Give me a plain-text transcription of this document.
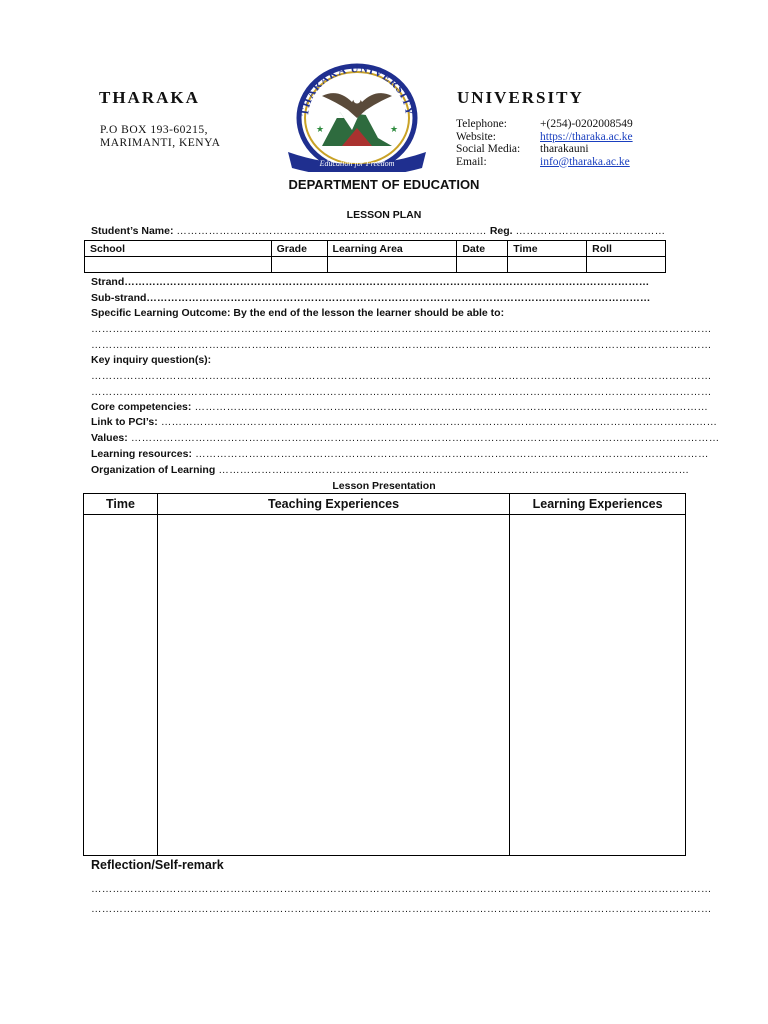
THARAKA	UNIVERSITY
P.O BOX 193-60215,
MARIMANTI, KENYA
Telephone:	+(254)-0202008549
Website:	https://tharaka.ac.ke
Social Media:	tharakauni
Email:	info@tharaka.ac.ke
THARAKA UNIVERSITY
★	★
Education for Freedom
DEPARTMENT OF EDUCATION
LESSON PLAN
Student’s Name: …………………………………………………………………………… Reg. ……………………………………
School	Grade	Learning Area	Date	Time	Roll

Strand……………………………………………………………………………………………………………………………………
Sub-strand………………………………………………………………………………………………………………………………
Specific Learning Outcome: By the end of the lesson the learner should be able to:
…………………………………………………………………………………………………………………………………………………………
…………………………………………………………………………………………………………………………………………………………
Key inquiry question(s):
…………………………………………………………………………………………………………………………………………………………
…………………………………………………………………………………………………………………………………………………………
Core competencies: ………………………………………………………………………………………………………………………………
Link to PCI’s: …………………………………………………………………………………………………………………………………………
Values: …………………………………………………………………………………………………………………………………………………
Learning resources: ………………………………………………………………………………………………………………………………
Organization of Learning ……………………………………………………………………………………………………………………
Lesson Presentation
Time	Teaching Experiences	Learning Experiences

Reflection/Self-remark
…………………………………………………………………………………………………………………………………………………………
…………………………………………………………………………………………………………………………………………………………
